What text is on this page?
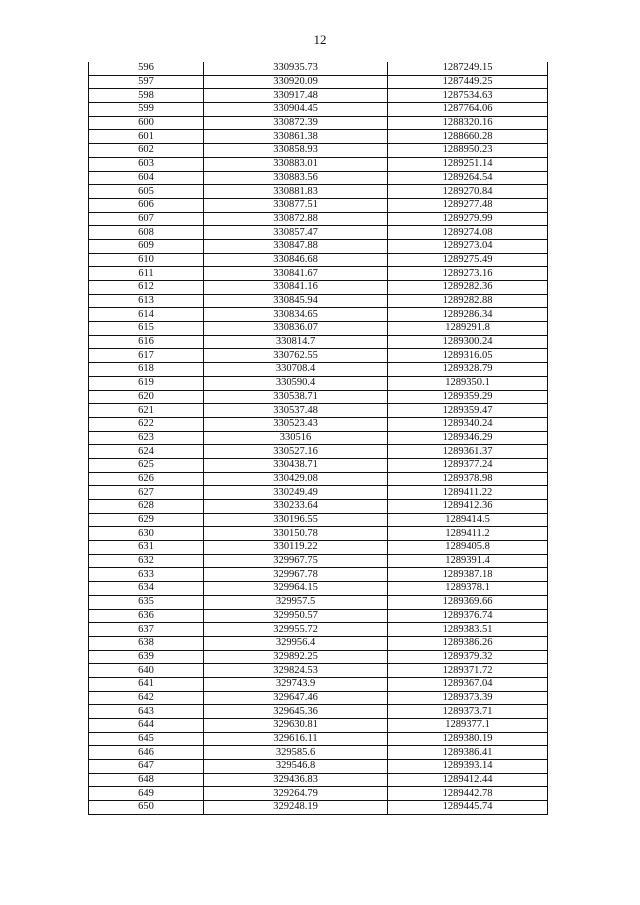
12
596	330935.73	1287249.15
597	330920.09	1287449.25
598	330917.48	1287534.63
599	330904.45	1287764.06
600	330872.39	1288320.16
601	330861.38	1288660.28
602	330858.93	1288950.23
603	330883.01	1289251.14
604	330883.56	1289264.54
605	330881.83	1289270.84
606	330877.51	1289277.48
607	330872.88	1289279.99
608	330857.47	1289274.08
609	330847.88	1289273.04
610	330846.68	1289275.49
611	330841.67	1289273.16
612	330841.16	1289282.36
613	330845.94	1289282.88
614	330834.65	1289286.34
615	330836.07	1289291.8
616	330814.7	1289300.24
617	330762.55	1289316.05
618	330708.4	1289328.79
619	330590.4	1289350.1
620	330538.71	1289359.29
621	330537.48	1289359.47
622	330523.43	1289340.24
623	330516	1289346.29
624	330527.16	1289361.37
625	330438.71	1289377.24
626	330429.08	1289378.98
627	330249.49	1289411.22
628	330233.64	1289412.36
629	330196.55	1289414.5
630	330150.78	1289411.2
631	330119.22	1289405.8
632	329967.75	1289391.4
633	329967.78	1289387.18
634	329964.15	1289378.1
635	329957.5	1289369.66
636	329950.57	1289376.74
637	329955.72	1289383.51
638	329956.4	1289386.26
639	329892.25	1289379.32
640	329824.53	1289371.72
641	329743.9	1289367.04
642	329647.46	1289373.39
643	329645.36	1289373.71
644	329630.81	1289377.1
645	329616.11	1289380.19
646	329585.6	1289386.41
647	329546.8	1289393.14
648	329436.83	1289412.44
649	329264.79	1289442.78
650	329248.19	1289445.74
